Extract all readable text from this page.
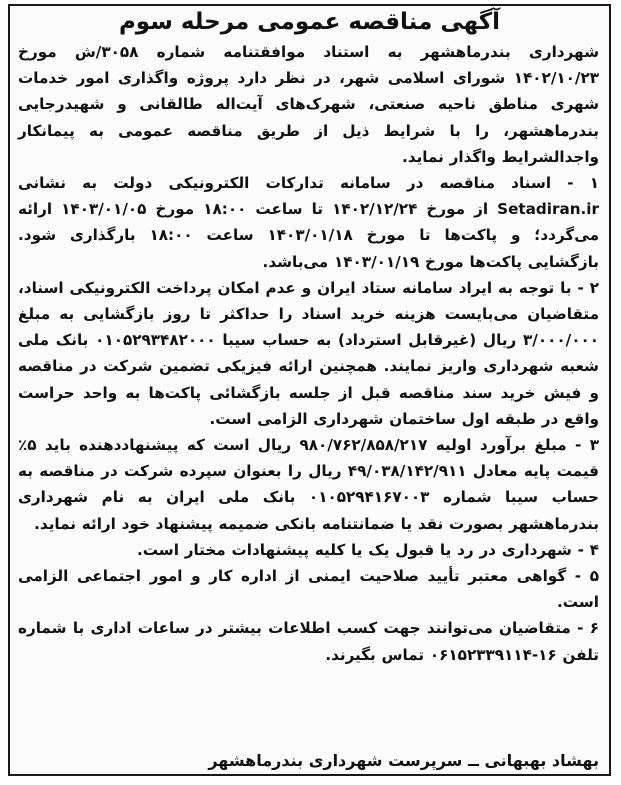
آگهی مناقصه عمومی مرحله سوم
شهرداری بندرماهشهر به استناد موافقتنامه شماره ۳۰۵۸/ش مورخ ۱۴۰۲/۱۰/۲۳ شورای اسلامی شهر، در نظر دارد پروژه واگذاری امور خدمات شهری مناطق ناحیه صنعتی، شهرک‌های آیت‌اله طالقانی و شهیدرجایی بندرماهشهر، را با شرایط ذیل از طریق مناقصه عمومی به پیمانکار واجدالشرایط واگذار نماید.
۱ - اسناد مناقصه در سامانه تدارکات الکترونیکی دولت به نشانی Setadiran.ir از مورخ ۱۴۰۲/۱۲/۲۴ تا ساعت ۱۸:۰۰ مورخ ۱۴۰۳/۰۱/۰۵ ارائه می‌گردد؛ و پاکت‌ها تا مورخ ۱۴۰۳/۰۱/۱۸ ساعت ۱۸:۰۰ بارگذاری شود. بازگشایی پاکت‌ها مورخ ۱۴۰۳/۰۱/۱۹ می‌باشد.
۲ - با توجه به ایراد سامانه ستاد ایران و عدم امکان پرداخت الکترونیکی اسناد، متقاضیان می‌بایست هزینه خرید اسناد را حداکثر تا روز بازگشایی به مبلغ ۳/۰۰۰/۰۰۰ ریال (غیرقابل استرداد) به حساب سیبا ۰۱۰۵۲۹۳۴۸۲۰۰۰ بانک ملی شعبه شهرداری واریز نمایند. همچنین ارائه فیزیکی تضمین شرکت در مناقصه و فیش خرید سند مناقصه قبل از جلسه بازگشائی پاکت‌ها به واحد حراست واقع در طبقه اول ساختمان شهرداری الزامی است.
۳ - مبلغ برآورد اولیه ۹۸۰/۷۶۲/۸۵۸/۲۱۷ ریال است که پیشنهاددهنده باید ۵٪ قیمت پایه معادل ۴۹/۰۳۸/۱۴۲/۹۱۱ ریال را بعنوان سپرده شرکت در مناقصه به حساب سیبا شماره ۰۱۰۵۲۹۴۱۶۷۰۰۳ بانک ملی ایران به نام شهرداری بندرماهشهر بصورت نقد یا ضمانتنامه بانکی ضمیمه پیشنهاد خود ارائه نماید.
۴ - شهرداری در رد یا قبول یک یا کلیه پیشنهادات مختار است.
۵ - گواهی معتبر تأیید صلاحیت ایمنی از اداره کار و امور اجتماعی الزامی است.
۶ - متقاضیان می‌توانند جهت کسب اطلاعات بیشتر در ساعات اداری با شماره تلفن ۱۶-۰۶۱۵۲۳۳۹۱۱۴ تماس بگیرند.
بهشاد بهبهانی ــ سرپرست شهرداری بندرماهشهر
